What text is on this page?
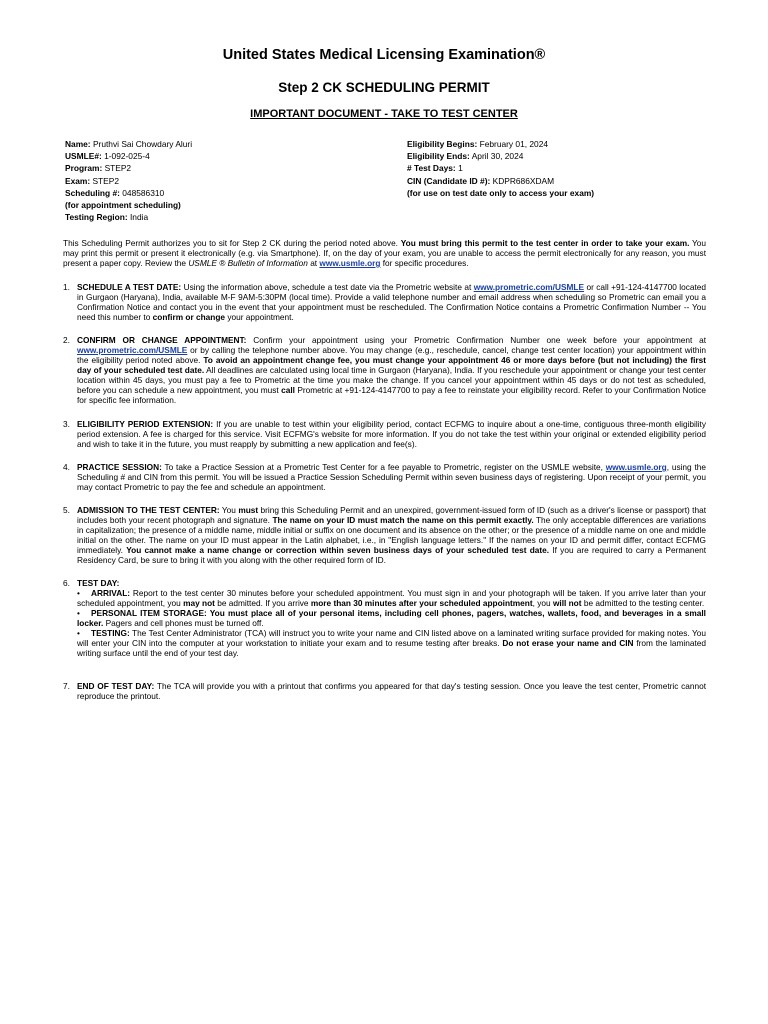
United States Medical Licensing Examination®
Step 2 CK SCHEDULING PERMIT
IMPORTANT DOCUMENT - TAKE TO TEST CENTER
Name: Pruthvi Sai Chowdary Aluri
USMLE#: 1-092-025-4
Program: STEP2
Exam: STEP2
Scheduling #: 048586310
(for appointment scheduling)
Testing Region: India
Eligibility Begins: February 01, 2024
Eligibility Ends: April 30, 2024
# Test Days: 1
CIN (Candidate ID #): KDPR686XDAM
(for use on test date only to access your exam)
This Scheduling Permit authorizes you to sit for Step 2 CK during the period noted above. You must bring this permit to the test center in order to take your exam. You may print this permit or present it electronically (e.g. via Smartphone). If, on the day of your exam, you are unable to access the permit electronically for any reason, you must present a paper copy. Review the USMLE ® Bulletin of Information at www.usmle.org for specific procedures.
1. SCHEDULE A TEST DATE: Using the information above, schedule a test date via the Prometric website at www.prometric.com/USMLE or call +91-124-4147700 located in Gurgaon (Haryana), India, available M-F 9AM-5:30PM (local time). Provide a valid telephone number and email address when scheduling so Prometric can email you a Confirmation Notice and contact you in the event that your appointment must be rescheduled. The Confirmation Notice contains a Prometric Confirmation Number -- You need this number to confirm or change your appointment.
2. CONFIRM OR CHANGE APPOINTMENT: Confirm your appointment using your Prometric Confirmation Number one week before your appointment at www.prometric.com/USMLE or by calling the telephone number above. You may change (e.g., reschedule, cancel, change test center location) your appointment within the eligibility period noted above. To avoid an appointment change fee, you must change your appointment 46 or more days before (but not including) the first day of your scheduled test date. All deadlines are calculated using local time in Gurgaon (Haryana), India. If you reschedule your appointment or change your test center location within 45 days, you must pay a fee to Prometric at the time you make the change. If you cancel your appointment within 45 days or do not test as scheduled, before you can schedule a new appointment, you must call Prometric at +91-124-4147700 to pay a fee to reinstate your eligibility record. Refer to your Confirmation Notice for specific fee information.
3. ELIGIBILITY PERIOD EXTENSION: If you are unable to test within your eligibility period, contact ECFMG to inquire about a one-time, contiguous three-month eligibility period extension. A fee is charged for this service. Visit ECFMG's website for more information. If you do not take the test within your original or extended eligibility period and wish to take it in the future, you must reapply by submitting a new application and fee(s).
4. PRACTICE SESSION: To take a Practice Session at a Prometric Test Center for a fee payable to Prometric, register on the USMLE website, www.usmle.org, using the Scheduling # and CIN from this permit. You will be issued a Practice Session Scheduling Permit within seven business days of registering. Upon receipt of your permit, you may contact Prometric to pay the fee and schedule an appointment.
5. ADMISSION TO THE TEST CENTER: You must bring this Scheduling Permit and an unexpired, government-issued form of ID (such as a driver's license or passport) that includes both your recent photograph and signature. The name on your ID must match the name on this permit exactly. The only acceptable differences are variations in capitalization; the presence of a middle name, middle initial or suffix on one document and its absence on the other; or the presence of a middle name on one and middle initial on the other. The name on your ID must appear in the Latin alphabet, i.e., in "English language letters." If the names on your ID and permit differ, contact ECFMG immediately. You cannot make a name change or correction within seven business days of your scheduled test date. If you are required to carry a Permanent Residency Card, be sure to bring it with you along with the other required form of ID.
6. TEST DAY:
• ARRIVAL: Report to the test center 30 minutes before your scheduled appointment. You must sign in and your photograph will be taken. If you arrive later than your scheduled appointment, you may not be admitted. If you arrive more than 30 minutes after your scheduled appointment, you will not be admitted to the testing center.
• PERSONAL ITEM STORAGE: You must place all of your personal items, including cell phones, pagers, watches, wallets, food, and beverages in a small locker. Pagers and cell phones must be turned off.
• TESTING: The Test Center Administrator (TCA) will instruct you to write your name and CIN listed above on a laminated writing surface provided for making notes. You will enter your CIN into the computer at your workstation to initiate your exam and to resume testing after breaks. Do not erase your name and CIN from the laminated writing surface until the end of your test day.
7. END OF TEST DAY: The TCA will provide you with a printout that confirms you appeared for that day's testing session. Once you leave the test center, Prometric cannot reproduce the printout.
